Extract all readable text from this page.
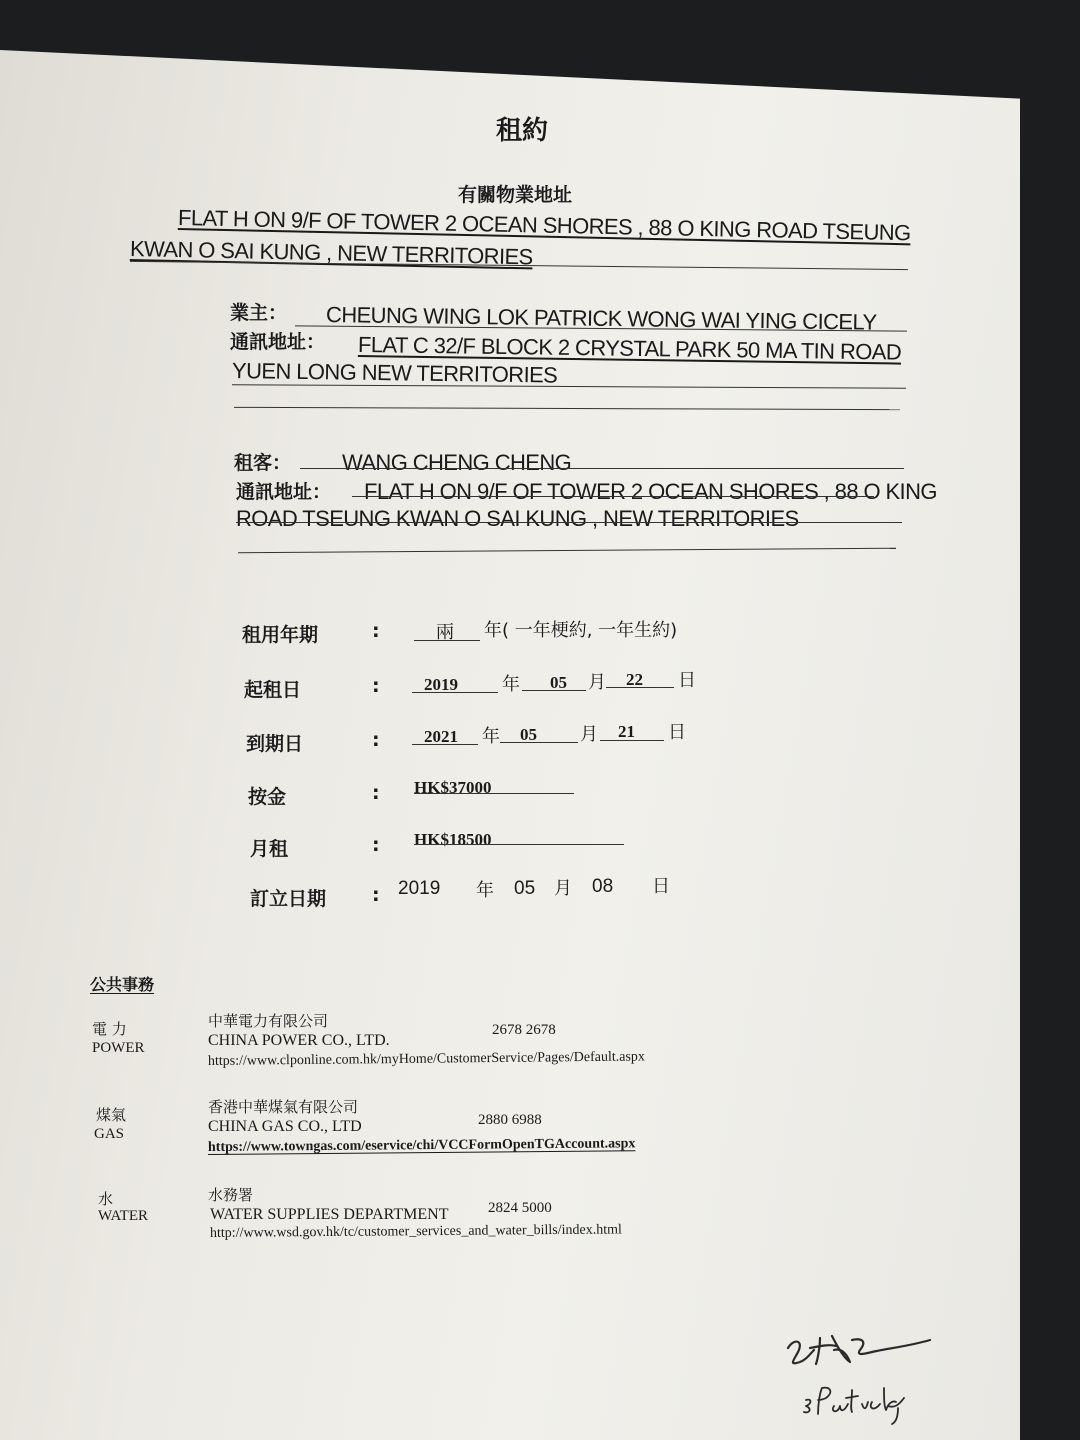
租約
有關物業地址
FLAT H ON 9/F OF TOWER 2 OCEAN SHORES , 88 O KING ROAD TSEUNG
KWAN O SAI KUNG , NEW TERRITORIES
業主： CHEUNG WING LOK PATRICK WONG WAI YING CICELY
通訊地址： FLAT C 32/F BLOCK 2 CRYSTAL PARK 50 MA TIN ROAD
YUEN LONG NEW TERRITORIES
租客： WANG CHENG CHENG
通訊地址： FLAT H ON 9/F OF TOWER 2 OCEAN SHORES , 88 O KING
ROAD TSEUNG KWAN O SAI KUNG , NEW TERRITORIES
租用年期	:	兩 年( 一年梗約, 一年生約)
起租日	:	2019 年 05 月 22 日
到期日	:	2021 年 05 月 21 日
按金	: HK$37000
月租	: HK$18500
訂立日期 : 2019 年 05 月 08 日
公共事務
電 力
POWER
中華電力有限公司
CHINA POWER CO., LTD.
2678 2678
https://www.clponline.com.hk/myHome/CustomerService/Pages/Default.aspx
煤氣
GAS
香港中華煤氣有限公司
CHINA GAS CO., LTD	2880 6988
https://www.towngas.com/eservice/chi/VCCFormOpenTGAccount.aspx
水
WATER
水務署
WATER SUPPLIES DEPARTMENT	2824 5000
http://www.wsd.gov.hk/tc/customer_services_and_water_bills/index.html
